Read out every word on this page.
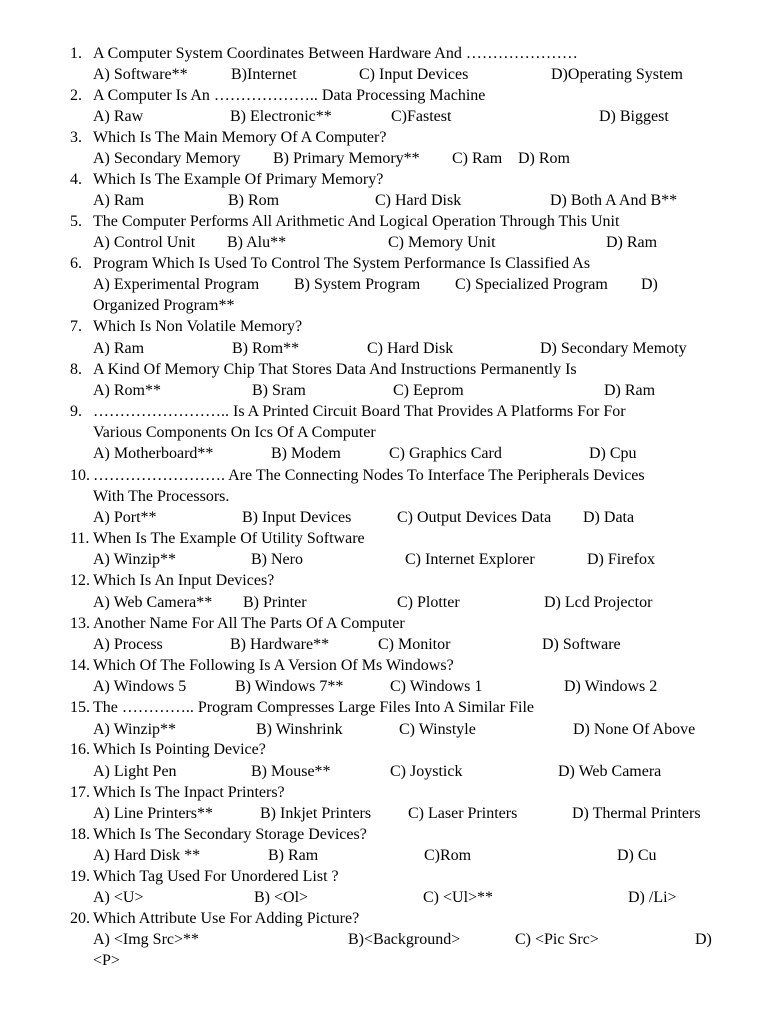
1. A Computer System Coordinates Between Hardware And …………………
A) Software**	B)Internet	C) Input Devices	D)Operating System
2. A Computer Is An ……………….. Data Processing Machine
A) Raw	B) Electronic**	C)Fastest	D) Biggest
3. Which Is The Main Memory Of A Computer?
A) Secondary Memory B) Primary Memory** C) Ram D) Rom
4. Which Is The Example Of Primary Memory?
A) Ram	B) Rom	C) Hard Disk	D) Both A And B**
5. The Computer Performs All Arithmetic And Logical Operation Through This Unit
A) Control Unit B) Alu**	C) Memory Unit	D) Ram
6. Program Which Is Used To Control The System Performance Is Classified As
A) Experimental Program B) System Program C) Specialized Program D)
Organized Program**
7. Which Is Non Volatile Memory?
A) Ram	B) Rom**	C) Hard Disk	D) Secondary Memoty
8. A Kind Of Memory Chip That Stores Data And Instructions Permanently Is
A) Rom**	B) Sram	C) Eeprom	D) Ram
9. …………………….. Is A Printed Circuit Board That Provides A Platforms For For
Various Components On Ics Of A Computer
A) Motherboard**	B) Modem	C) Graphics Card	D) Cpu
10. ……………………. Are The Connecting Nodes To Interface The Peripherals Devices
With The Processors.
A) Port**	B) Input Devices	C) Output Devices Data D) Data
11. When Is The Example Of Utility Software
A) Winzip**	B) Nero	C) Internet Explorer	D) Firefox
12. Which Is An Input Devices?
A) Web Camera** B) Printer	C) Plotter	D) Lcd Projector
13. Another Name For All The Parts Of A Computer
A) Process	B) Hardware**	C) Monitor	D) Software
14. Which Of The Following Is A Version Of Ms Windows?
A) Windows 5	B) Windows 7**	C) Windows 1	D) Windows 2
15. The ………….. Program Compresses Large Files Into A Similar File
A) Winzip**	B) Winshrink	C) Winstyle	D) None Of Above
16. Which Is Pointing Device?
A) Light Pen	B) Mouse**	C) Joystick	D) Web Camera
17. Which Is The Inpact Printers?
A) Line Printers**	B) Inkjet Printers C) Laser Printers	D) Thermal Printers
18. Which Is The Secondary Storage Devices?
A) Hard Disk **	B) Ram	C)Rom	D) Cu
19. Which Tag Used For Unordered List ?
A) <U>	B) <Ol>	C) <Ul>**	D) /Li>
20. Which Attribute Use For Adding Picture?
A) <Img Src>**	B)<Background>	C) <Pic Src>	D)
<P>
